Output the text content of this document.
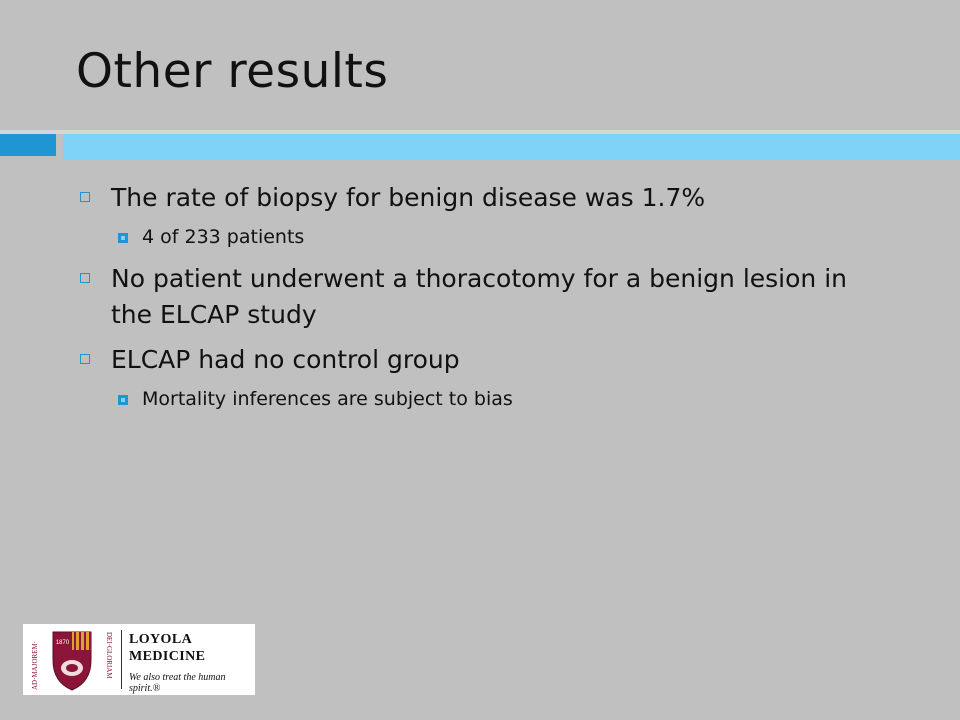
Other results
The rate of biopsy for benign disease was 1.7%
4 of 233 patients
No patient underwent a thoracotomy for a benign lesion in the ELCAP study
ELCAP had no control group
Mortality inferences are subject to bias
1870
AD·MAJOREM·	DEI·GLORIAM LOYOLA
MEDICINE
We also treat the human spirit.®
